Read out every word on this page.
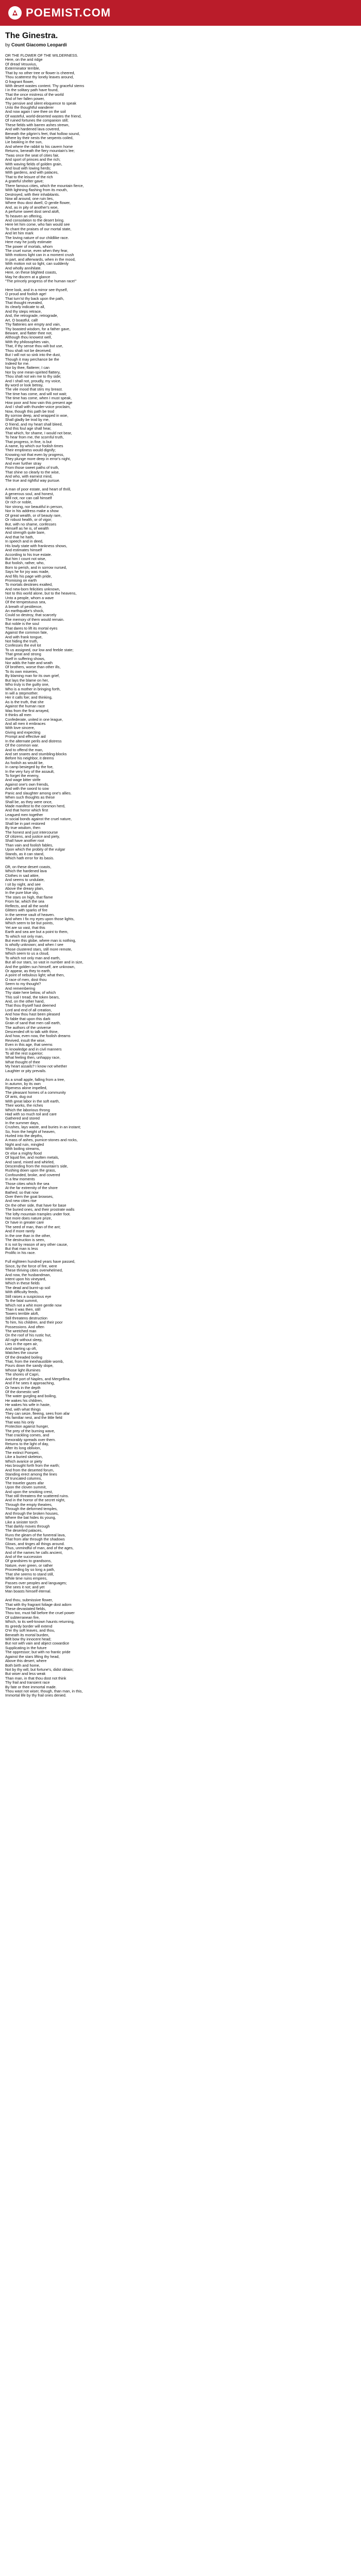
POEMIST.COM
The Ginestra.

by Count Giacomo Leopardi

OR THE FLOWER OF THE WILDERNESS.
Here, on the arid ridge
Of dread Vesuvius,
Exterminator terrible,
That by no other tree or flower is cheered,
Thou scatterest thy lonely leaves around,
O fragrant flower,
With desert wastes content. Thy graceful stems
I in the solitary path have found,
That the once mistress of the world
And of her fallen power,
Thy pensive and silent eloquence to speak
Unto the thoughtful wanderer
And now again I see thee on the soil
Of wasteful, world-deserted wastes the friend,
Of ruined fortunes the companion still;
These fields with barren ashes strewn,
And with hardened lava covered,
Beneath the pilgrim's feet, that hollow sound,
Where by their nests the serpents coiled,
Lie basking in the sun,
And where the rabbit to his cavern home
Returns, beneath the fiery mountain's lee;
'Twas once the seat of cities fair,
And sport of princes and the rich;
With waving fields of golden grain,
And loud with lowing herds;
With gardens, and with palaces,
That to the leisure of the rich
A grateful shelter gave;
There famous cities, which the mountain fierce,
With lightning flashing from its mouth,
Destroyed, with their inhabitants.
Now all around, one ruin lies,
Where thou dost dwell, O gentle flower,
And, as in pity of another's woe,
A perfume sweet dost send aloft,
To heaven an offering,
And consolation to the desert bring.
Here let him come, who fain would see
To chant the praises of our mortal state,
And let him mark
The loving nature of our childlike race.
Here may he justly estimate
The power of mortals, whom
The cruel nurse, even when they fear,
With motions light can in a moment crush
In part, and afterwards, when in the mood,
With motion not so light, can suddenly
And wholly annihilate.
Here, on these blighted coasts,
May he discern at a glance
"The princely progress of the human race!"
Here look, and in a mirror see thyself,
O proud and foolish age!
That turn'st thy back upon the path,
That thought revealed,
Its clearly indicate to all,
And thy steps retrace,
And, the retrograde, retrograde,
Art, O boastful, call!
Thy flatteries are empty and vain,
Thy boasted wisdom, for a father gave,
Beware, and flatter thee not,
Although thou knowest well,
With thy philosophies vain,
That, if thy sense thou wilt but use,
Thou shalt not be deceived;
But I will not so sink into the dust,
Though it may perchance be the
Indeed for me.
Nor by thee, flatterer, I can
Nor by one mean-spirited flattery,
Thou shalt not win me to thy side;
And I shall not, proudly, my voice,
By word or look betray,
The vile mood that stirs my breast.
The time has come, and will not wait;
The time has come, when I must speak,
How poor and how vain this present age
And I shall with thunder-voice proclaim,
Now, though this path be trod
By sorrow deep, and wrapped in woe,
Shall gladly be trod by me,
O friend, and my heart shall bleed,
And this foul age shall hear,
That which, for shame, I would not bear,
To hear from me, the scornful truth,
That progress, in fine, is but
A name, by which our foolish times
Their emptiness would dignify;
Knowing not that even by progress,
They plunge more deep in error's night,
And ever further stray
From those sweet paths of truth,
That shine so clearly to the wise,
And who, with earnest mind,
The true and rightful way pursue.
A man of poor estate, and heart of thrill,
A generous soul, and honest,
Will not, nor can call himself
Or rich or noble,
Nor strong, nor beautiful in person,
Nor in his address make a show
Of great wealth, or of beauty rare,
Or robust health, or of vigor;
But, with no shame, confesses
Himself as he is, of wealth
And strength quite bare,
And that he hath,
In speech and in deed,
His lowly state with frankness shows,
And estimates himself
According to his true estate.
But him I count not wise,
But foolish, rather, who,
Born to perish, and in sorrow nursed,
Says he for joy was made,
And fills his page with pride,
Promising on earth
To mortals destinies exalted,
And new-born felicities unknown,
Not to this world alone, but to the heavens,
Unto a people, whom a wave
Of the tempestuous sea,
A breath of pestilence,
An earthquake's shock,
Could so destroy, that scarcely
The memory of them would remain.
But noble is the soul
That dares to lift its mortal eyes
Against the common fate,
And with frank tongue,
Not hiding the truth,
Confesses the evil lot
To us assigned, our low and feeble state;
That great and strong
Itself in suffering shows,
Nor adds the hate and wrath
Of brothers, worse than other ills,
To its own miseries,
By blaming man for its own grief,
But lays the blame on her,
Who truly is the guilty one,
Who is a mother in bringing forth,
In will a stepmother.
Her it calls foe; and thinking,
As is the truth, that she
Against the human race
Was from the first arrayed,
It thinks all men
Confederate, united in one league,
And all men it embraces
With love sincere,
Giving and expecting
Prompt and effective aid
In the alternate perils and distress
Of the common war.
And to offend the man,
And set snares and stumbling-blocks
Before his neighbor, it deems
As foolish as would be,
In camp besieged by the foe,
In the very fury of the assault,
To forget the enemy,
And wage bitter strife
Against one's own friends,
And with the sword to sow
Panic and slaughter among one's allies.
When such thoughts as these
Shall be, as they were once,
Made manifest to the common herd,
And that horror which first
Leagued men together
In social bonds against the cruel nature,
Shall be in part restored
By true wisdom, then
The honest and just intercourse
Of citizens, and justice and piety,
Shall have another root
Than vain and foolish fables,
Upon which the probity of the vulgar
Stands, as it can stand,
Which hath error for its basis.
Oft, on these desert coasts,
Which the hardened lava
Clothes in sad attire,
And seems to undulate,
I sit by night, and see
Above the dreary plain,
In the pure blue sky,
The stars on high, that flame
From far, which the sea
Reflects, and all the world
Glitters with sparks of fire
In the serene vault of heaven.
And when I fix my eyes upon those lights,
Which seem to be but points,
Yet are so vast, that this
Earth and sea are but a point to them,
To which not only man,
But even this globe, where man is nothing,
Is wholly unknown; and when I see
Those clustered stars, still more remote,
Which seem to us a cloud,
To which not only man and earth,
But all our stars, so vast in number and in size,
And the golden sun himself, are unknown,
Or appear, as they to earth,
A point of nebulous light; what then,
O race of men, dost thou
Seem to my thought?
And remembering
Thy state here below, of which
This soil I tread, the token bears,
And, on the other hand,
That thou thyself hast deemed
Lord and end of all creation,
And how thou hast been pleased
To fable that upon this dark
Grain of sand that men call earth,
The authors of the universe
Descended oft to talk with thine,
And how, even now, the foolish dreams
Revived, insult the wise,
Even in this age, that seems
In knowledge and in civil manners
To all the rest superior;
What feeling then, unhappy race,
What thought of thee
My heart assails? I know not whether
Laughter or pity prevails.
As a small apple, falling from a tree,
In autumn, by its own
Ripeness alone impelled,
The pleasant homes of a community
Of ants, dug out
With great labor in the soft earth,
Their works, the riches
Which the laborious throng
Had with so much toil and care
Gathered and stored
In the summer days,
Crushes, lays waste, and buries in an instant;
So, from the height of heaven,
Hurled into the depths,
A mass of ashes, pumice-stones and rocks,
Night and ruin, mingled
With boiling streams,
Or else a mighty flood
Of liquid fire, and molten metals,
And sand, mixed and whirled,
Descending from the mountain's side,
Rushing down upon the grass,
Confounded, broke, and covered
In a few moments
Those cities which the sea
At the far extremity of the shore
Bathed; so that now
Over them the goat browses,
And new cities rise
On the other side, that have for base
The buried ones, and their prostrate walls
The lofty mountain tramples under foot.
Not more does nature prize,
Or have in greater care
The seed of man, than of the ant;
And if more rarely
In the one than in the other,
The destruction is seen,
It is not by reason of any other cause,
But that man is less
Prolific in his race.
Full eighteen hundred years have passed,
Since, by the force of fire, were
These thriving cities overwhelmed,
And now, the husbandman,
Intent upon his vineyard,
Which in these fields
The dead and burnt-up soil
With difficulty feeds,
Still raises a suspicious eye
To the fatal summit,
Which not a whit more gentle now
Than it was then, still
Towers terrible aloft,
Still threatens destruction
To him, his children, and their poor
Possessions. And often
The wretched man
On the roof of his rustic hut,
All night without sleep,
Lies in the open air,
And starting up oft,
Watches the course
Of the dreaded boiling
That, from the inexhaustible womb,
Pours down the sandy slope,
Whose light illumines
The shores of Capri,
And the port of Naples, and Mergellina.
And if he sees it approaching,
Or hears in the depth
Of the domestic well
The water gurgling and boiling,
He wakes his children,
He wakes his wife in haste,
And, with what things
They can seize, fleeing, sees from afar
His familiar nest, and the little field
That was his only
Protection against hunger,
The prey of the burning wave,
That crackling comes, and
Inexorably spreads over them.
Returns to the light of day,
After its long oblivion,
The extinct Pompeii,
Like a buried skeleton,
Which avarice or piety
Has brought forth from the earth;
And from the deserted forum,
Standing erect among the lines
Of truncated columns,
The traveler gazes afar
Upon the cloven summit,
And upon the smoking crest,
That still threatens the scattered ruins.
And in the horror of the secret night,
Through the empty theatres,
Through the deformed temples,
And through the broken houses,
Where the bat hides its young,
Like a sinister torch
That darkly moves through
The deserted palaces,
Runs the gleam of the funereal lava,
That from afar through the shadows
Glows, and tinges all things around.
Thus, unmindful of man, and of the ages,
And of the names he calls ancient,
And of the succession
Of grandsires to grandsons,
Nature, ever green, or rather
Proceeding by so long a path,
That she seems to stand still,
While time ruins empires,
Passes over peoples and languages;
She sees it not; and yet
Man boasts himself eternal.
And thou, submissive flower,
That with thy fragrant foliage dost adorn
These devastated fields,
Thou too, must fall before the cruel power
Of subterranean fire,
Which, to its well-known haunts returning,
Its greedy border will extend
O'er thy soft leaves, and thou,
Beneath its mortal burden,
Wilt bow thy innocent head;
But not with vain and abject cowardice
Supplicating in the future
The oppressor; but with no frantic pride
Against the stars lifting thy head,
Above this desert, where
Both birth and home,
Not by thy will, but fortune's, didst obtain;
But wiser and less weak
Than man, in that thou dost not think
Thy frail and transient race
By fate or thee immortal made.
Thou wast not wiser, though, than man, in this,
Immortal life by thy frail ones denied.
